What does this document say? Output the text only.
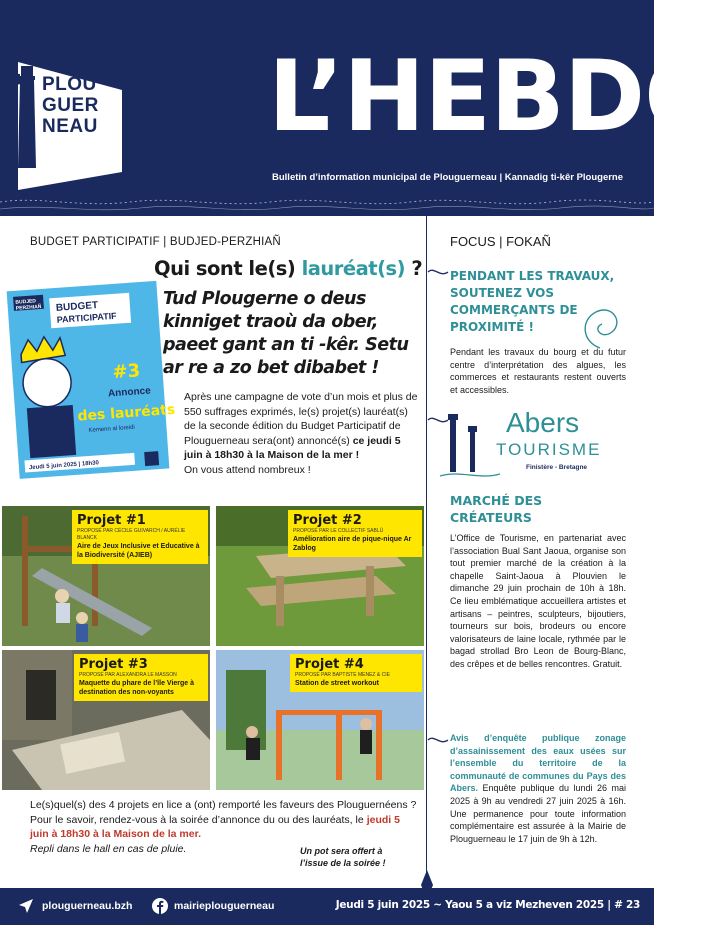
PLOU
GUER
NEAU L’HEBDO
Bulletin d’information municipal de Plouguerneau | Kannadig ti-kêr Plougerne
BUDGET PARTICIPATIF | BUDJED-PERZHIAÑ
BUDJED
PERZHIAÑ BUDGET
PARTICIPATIF
#3
Annonce
des lauréats
Kemenn al loreidi
Jeudi 5 juin 2025 | 18h30
Qui sont le(s) lauréat(s) ?
Tud Plougerne o deus kinniget traoù da ober, paeet gant an ti -kêr. Setu ar re a zo bet dibabet !
Après une campagne de vote d’un mois et plus de 550 suffrages exprimés, le(s) projet(s) lauréat(s) de la seconde édition du Budget Participatif de Plouguerneau sera(ont) annoncé(s) ce jeudi 5 juin à 18h30 à la Maison de la mer !
On vous attend nombreux !
Projet #1
PROPOSÉ PAR CÉCILE GUIVARCH / AURÉLIE BLANCK
Aire de Jeux Inclusive et Educative à la Biodiversité (AJIEB)
Projet #2
PROPOSÉ PAR LE COLLECTIF SABLÙ
Amélioration aire de pique-nique Ar Zablog
Projet #3
PROPOSÉ PAR ALEXANDRA LE MASSON
Maquette du phare de l’île Vierge à destination des non-voyants
Projet #4
PROPOSÉ PAR BAPTISTE MENEZ & CIE
Station de street workout
Le(s)quel(s) des 4 projets en lice a (ont) remporté les faveurs des Plouguernéens ?
Pour le savoir, rendez-vous à la soirée d’annonce du ou des lauréats, le jeudi 5 juin à 18h30 à la Maison de la mer.
Repli dans le hall en cas de pluie.	Un pot sera offert à l’issue de la soirée !
FOCUS | FOKAÑ
PENDANT LES TRAVAUX, SOUTENEZ VOS COMMERÇANTS DE PROXIMITÉ !
Pendant les travaux du bourg et du futur centre d’interprétation des algues, les commerces et restaurants restent ouverts et accessibles.
Abers
TOURISME
Finistère - Bretagne
MARCHÉ DES CRÉATEURS
L’Office de Tourisme, en partenariat avec l’association Bual Sant Jaoua, organise son tout premier marché de la création à la chapelle Saint-Jaoua à Plouvien le dimanche 29 juin prochain de 10h à 18h. Ce lieu emblématique accueillera artistes et artisans – peintres, sculpteurs, bijoutiers, tourneurs sur bois, brodeurs ou encore valorisateurs de laine locale, rythmée par le bagad strollad Bro Leon de Bourg-Blanc, des crêpes et de belles rencontres. Gratuit.
Avis d’enquête publique zonage d’assainissement des eaux usées sur l’ensemble du territoire de la communauté de communes du Pays des Abers. Enquête publique du lundi 26 mai 2025 à 9h au vendredi 27 juin 2025 à 16h. Une permanence pour toute information complémentaire est assurée à la Mairie de Plouguerneau le 17 juin de 9h à 12h.
plouguerneau.bzh	mairieplouguerneau	Jeudi 5 juin 2025 ~ Yaou 5 a viz Mezheven 2025 | # 23
